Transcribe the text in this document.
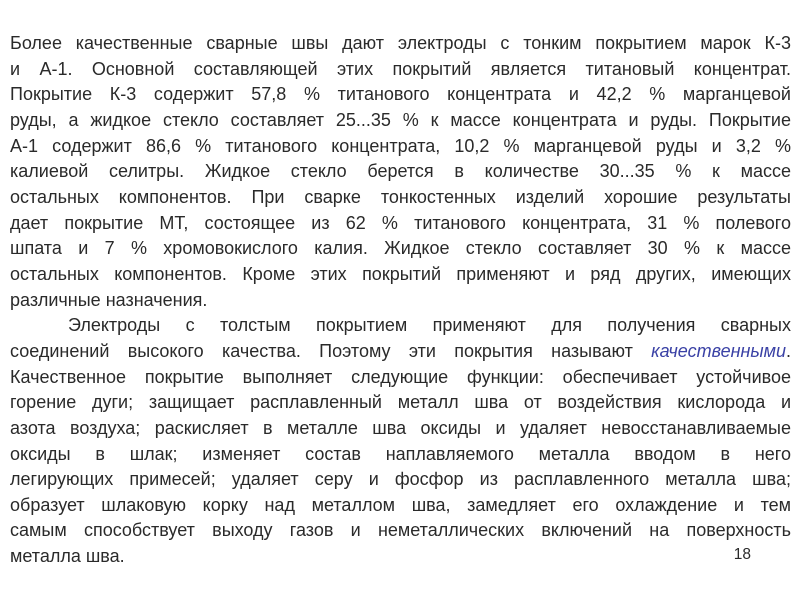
Более качественные сварные швы дают электроды с тонким покрытием марок К-3
и А-1. Основной составляющей этих покрытий является титановый концентрат.
Покрытие К-3 содержит 57,8 % титанового концентрата и 42,2 % марганцевой
руды, а жидкое стекло составляет 25...35 % к массе концентрата и руды. Покрытие
А-1 содержит 86,6 % титанового концентрата, 10,2 % марганцевой руды и 3,2 %
калиевой селитры. Жидкое стекло берется в количестве 30...35 % к массе
остальных компонентов. При сварке тонкостенных изделий хорошие результаты
дает покрытие МТ, состоящее из 62 % титанового концентрата, 31 % полевого
шпата и 7 % хромовокислого калия. Жидкое стекло составляет 30 % к массе
остальных компонентов. Кроме этих покрытий применяют и ряд других, имеющих
различные назначения.
Электроды с толстым покрытием применяют для получения сварных
соединений высокого качества. Поэтому эти покрытия называют качественными.
Качественное покрытие выполняет следующие функции: обеспечивает устойчивое
горение дуги; защищает расплавленный металл шва от воздействия кислорода и
азота воздуха; раскисляет в металле шва оксиды и удаляет невосстанавливаемые
оксиды в шлак; изменяет состав наплавляемого металла вводом в него
легирующих примесей; удаляет серу и фосфор из расплавленного металла шва;
образует шлаковую корку над металлом шва, замедляет его охлаждение и тем
самым способствует выходу газов и неметаллических включений на поверхность
металла шва.	18
